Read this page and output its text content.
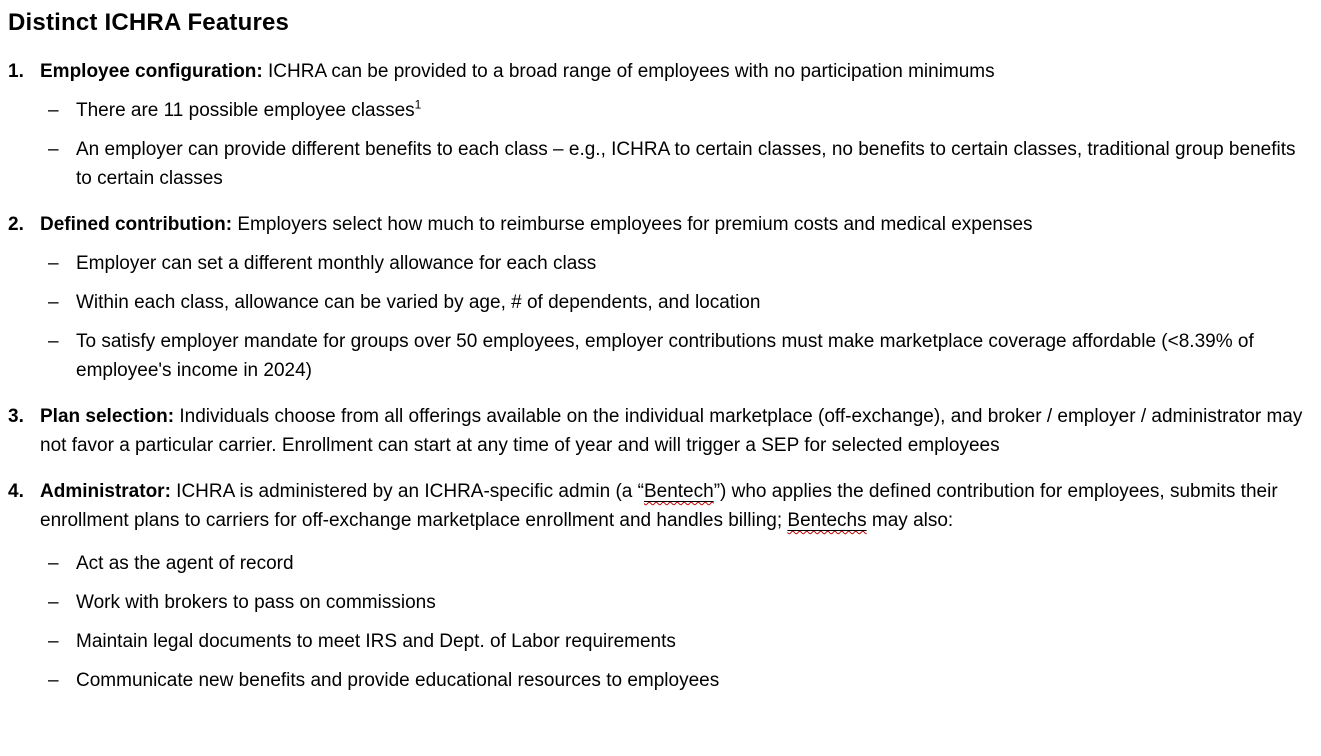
Distinct ICHRA Features
1. Employee configuration: ICHRA can be provided to a broad range of employees with no participation minimums
– There are 11 possible employee classes$^1$
– An employer can provide different benefits to each class – e.g., ICHRA to certain classes, no benefits to certain classes, traditional group benefits to certain classes
2. Defined contribution: Employers select how much to reimburse employees for premium costs and medical expenses
– Employer can set a different monthly allowance for each class
– Within each class, allowance can be varied by age, # of dependents, and location
– To satisfy employer mandate for groups over 50 employees, employer contributions must make marketplace coverage affordable (<8.39% of employee's income in 2024)
3. Plan selection: Individuals choose from all offerings available on the individual marketplace (off-exchange), and broker / employer / administrator may not favor a particular carrier. Enrollment can start at any time of year and will trigger a SEP for selected employees
4. Administrator: ICHRA is administered by an ICHRA-specific admin (a “Bentech”) who applies the defined contribution for employees, submits their enrollment plans to carriers for off-exchange marketplace enrollment and handles billing; Bentechs may also:
– Act as the agent of record
– Work with brokers to pass on commissions
– Maintain legal documents to meet IRS and Dept. of Labor requirements
– Communicate new benefits and provide educational resources to employees
